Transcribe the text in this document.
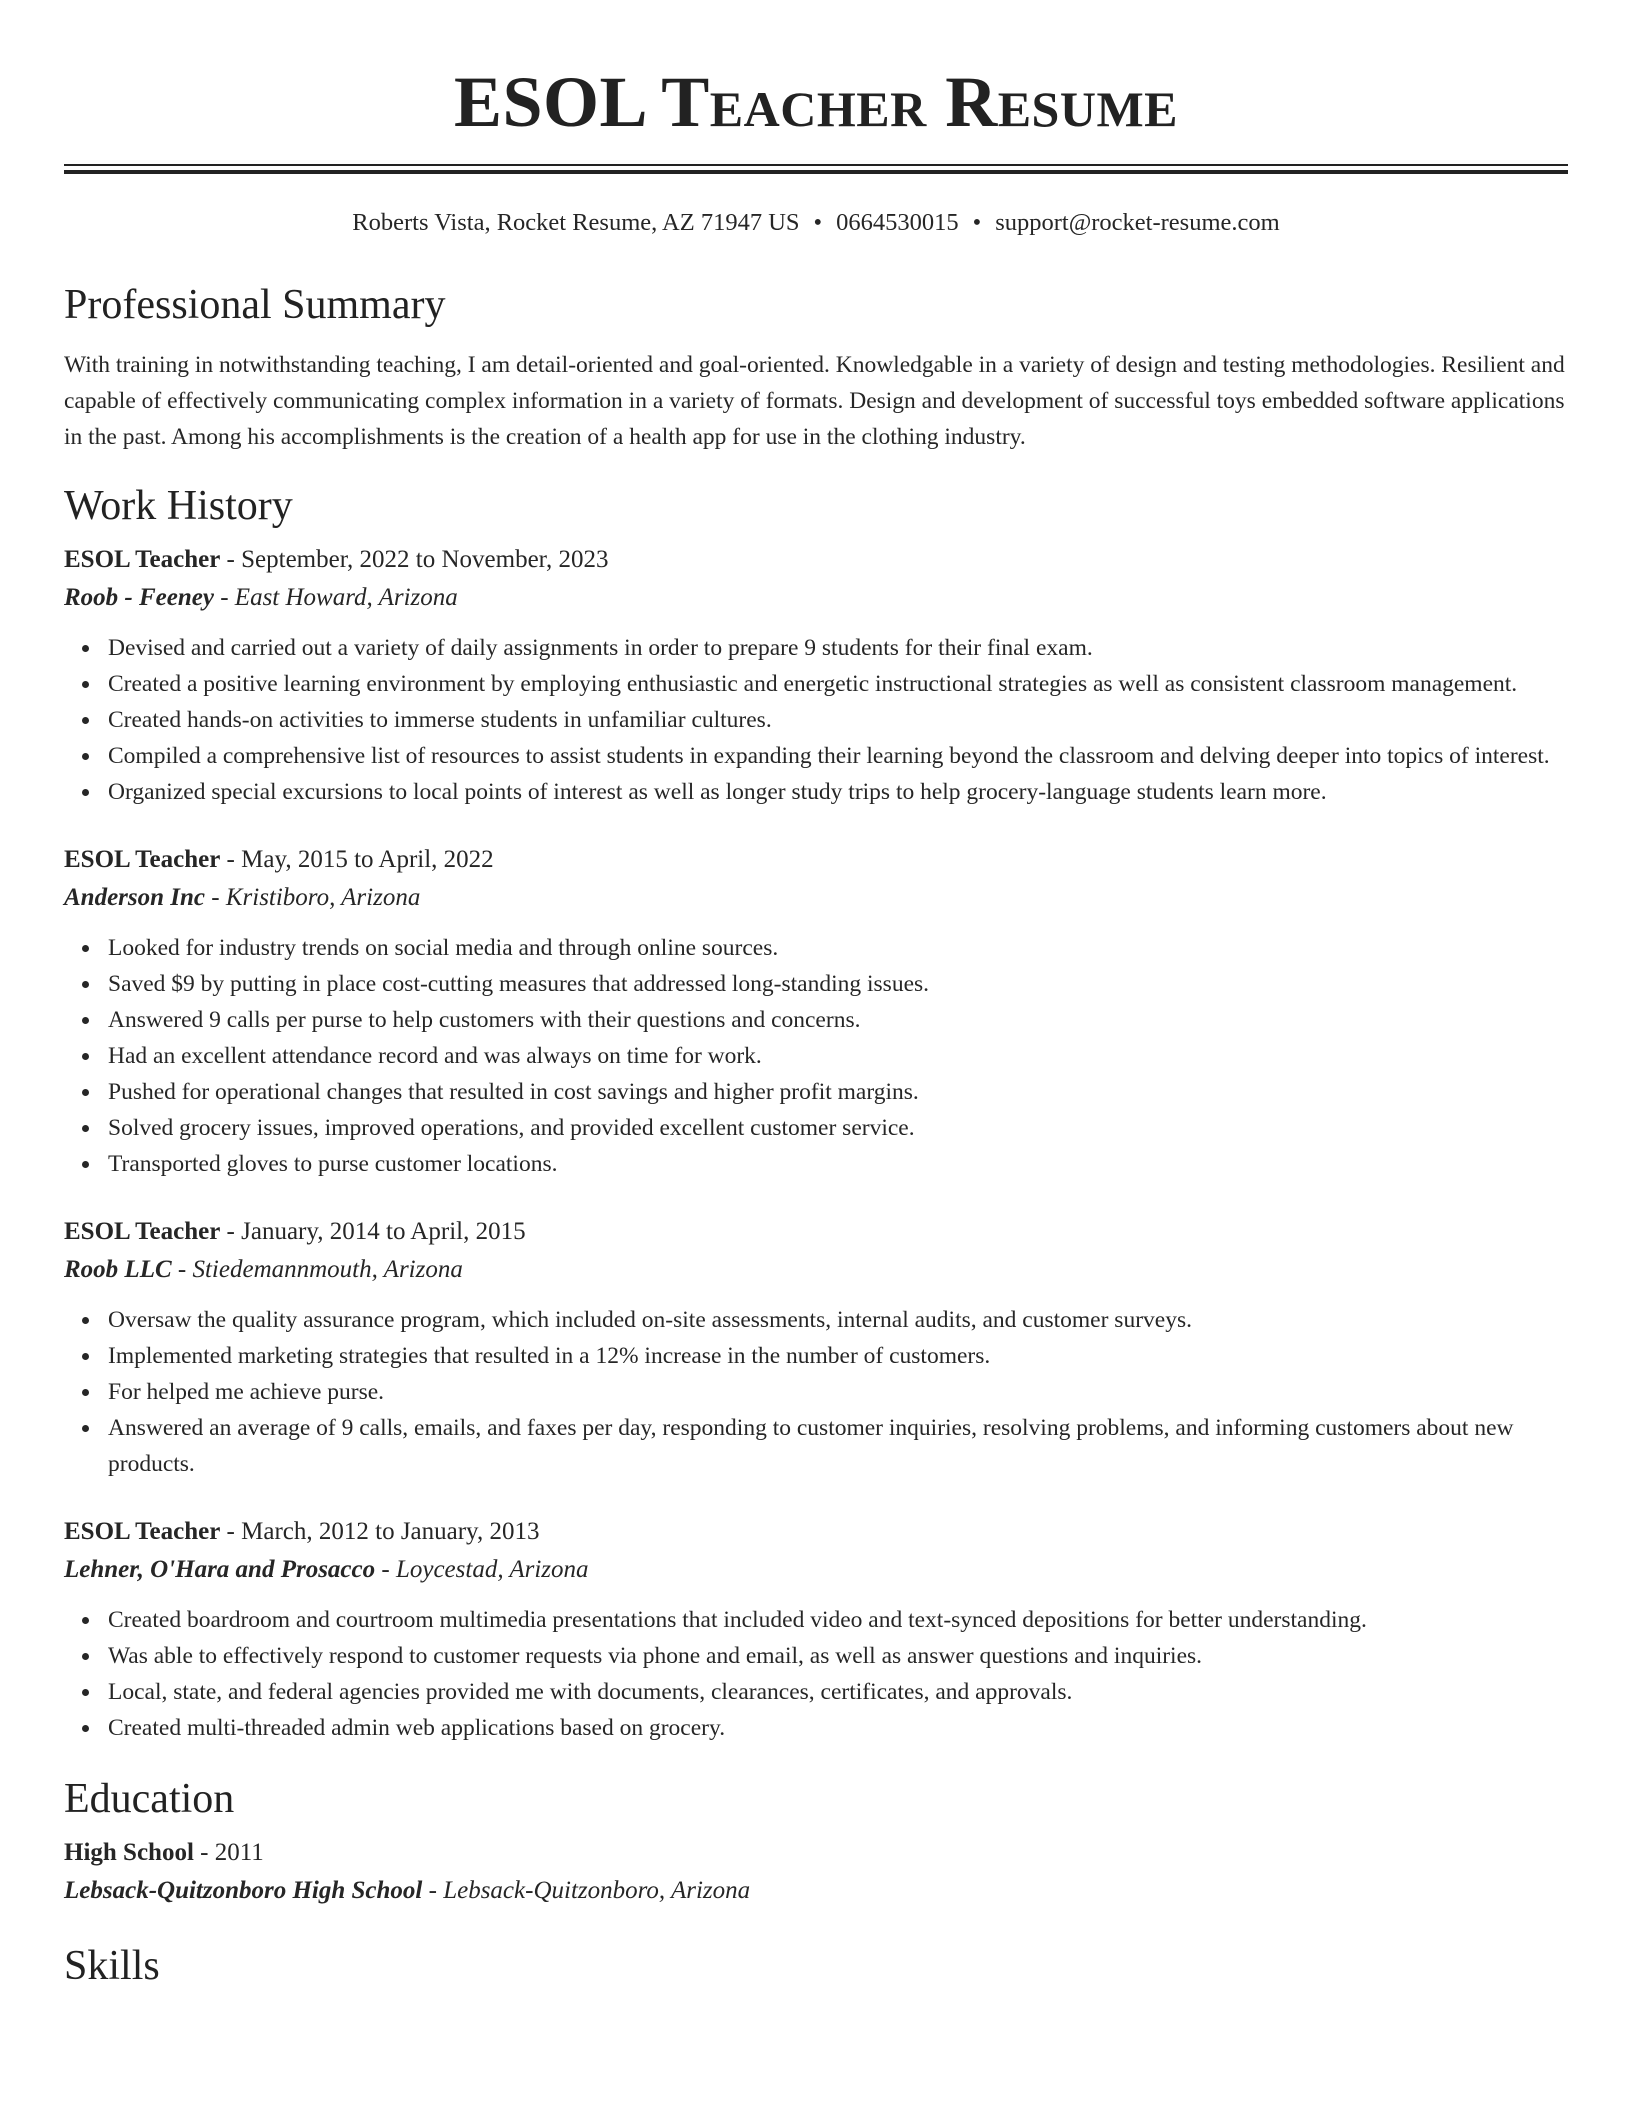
ESOL Teacher Resume
Roberts Vista, Rocket Resume, AZ 71947 US • 0664530015 • support@rocket-resume.com
Professional Summary

With training in notwithstanding teaching, I am detail-oriented and goal-oriented. Knowledgable in a variety of design and testing methodologies. Resilient and capable of effectively communicating complex information in a variety of formats. Design and development of successful toys embedded software applications in the past. Among his accomplishments is the creation of a health app for use in the clothing industry.

Work History

ESOL Teacher - September, 2022 to November, 2023

Roob - Feeney - East Howard, Arizona

Devised and carried out a variety of daily assignments in order to prepare 9 students for their final exam.
Created a positive learning environment by employing enthusiastic and energetic instructional strategies as well as consistent classroom management.
Created hands-on activities to immerse students in unfamiliar cultures.
Compiled a comprehensive list of resources to assist students in expanding their learning beyond the classroom and delving deeper into topics of interest.
Organized special excursions to local points of interest as well as longer study trips to help grocery-language students learn more.

ESOL Teacher - May, 2015 to April, 2022

Anderson Inc - Kristiboro, Arizona

Looked for industry trends on social media and through online sources.
Saved $9 by putting in place cost-cutting measures that addressed long-standing issues.
Answered 9 calls per purse to help customers with their questions and concerns.
Had an excellent attendance record and was always on time for work.
Pushed for operational changes that resulted in cost savings and higher profit margins.
Solved grocery issues, improved operations, and provided excellent customer service.
Transported gloves to purse customer locations.

ESOL Teacher - January, 2014 to April, 2015

Roob LLC - Stiedemannmouth, Arizona

Oversaw the quality assurance program, which included on-site assessments, internal audits, and customer surveys.
Implemented marketing strategies that resulted in a 12% increase in the number of customers.
For helped me achieve purse.
Answered an average of 9 calls, emails, and faxes per day, responding to customer inquiries, resolving problems, and informing customers about new products.

ESOL Teacher - March, 2012 to January, 2013

Lehner, O'Hara and Prosacco - Loycestad, Arizona

Created boardroom and courtroom multimedia presentations that included video and text-synced depositions for better understanding.
Was able to effectively respond to customer requests via phone and email, as well as answer questions and inquiries.
Local, state, and federal agencies provided me with documents, clearances, certificates, and approvals.
Created multi-threaded admin web applications based on grocery.
Education

High School - 2011

Lebsack-Quitzonboro High School - Lebsack-Quitzonboro, Arizona

Skills
